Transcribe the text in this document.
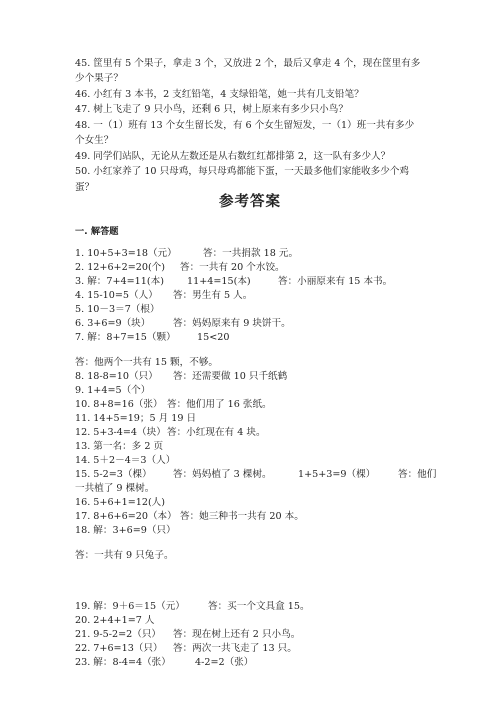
45. 筐里有 5 个果子，拿走 3 个，又放进 2 个，最后又拿走 4 个，现在筐里有多
少个果子？
46. 小红有 3 本书，2 支红铅笔，4 支绿铅笔，她一共有几支铅笔？
47. 树上飞走了 9 只小鸟，还剩 6 只，树上原来有多少只小鸟？
48. 一（1）班有 13 个女生留长发，有 6 个女生留短发，一（1）班一共有多少
个女生？
49. 同学们站队，无论从左数还是从右数红红都排第 2，这一队有多少人？
50. 小红家养了 10 只母鸡，每只母鸡都能下蛋，一天最多他们家能收多少个鸡
蛋？
参考答案
一. 解答题
1. 10+5+3=18（元）	答：一共捐款 18 元。
2. 12+6+2=20(个) 答：一共有 20 个水饺。
3. 解：7+4=11(本) 11+4=15(本)	答：小丽原来有 15 本书。
4. 15-10=5（人） 答：男生有 5 人。
5. 10－3＝7（根）
6. 3+6=9（块） 答：妈妈原来有 9 块饼干。
7. 解：8+7=15（颗） 15<20
答：他两个一共有 15 颗，不够。
8. 18-8=10（只） 答：还需要做 10 只千纸鹤
9. 1+4=5（个）
10. 8+8=16（张） 答：他们用了 16 张纸。
11. 14+5=19；5 月 19 日
12. 5+3-4=4（块） 答：小红现在有 4 块。
13. 第一名：多 2 页
14. 5＋2－4＝3（人）
15. 5-2=3（棵） 答：妈妈植了 3 棵树。	1+5+3=9（棵） 答：他们
一共植了 9 棵树。
16. 5+6+1=12(人)
17. 8+6+6=20（本） 答：她三种书一共有 20 本。
18. 解：3+6=9（只）
答：一共有 9 只兔子。
19. 解：9＋6＝15（元） 答：买一个文具盒 15。
20. 2+4+1=7 人
21. 9-5-2=2（只） 答：现在树上还有 2 只小鸟。
22. 7+6=13（只） 答：两次一共飞走了 13 只。
23. 解：8-4=4（张）	4-2=2（张）
